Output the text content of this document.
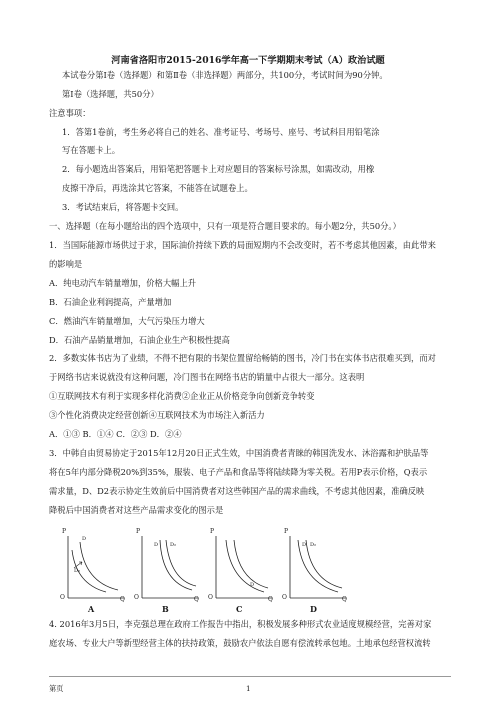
河南省洛阳市2015-2016学年高一下学期期末考试（A）政治试题
本试卷分第Ⅰ卷（选择题）和第Ⅱ卷（非选择题）两部分，共100分，考试时间为90分钟。
第Ⅰ卷（选择题，共50分）
注意事项：
1．答第1卷前，考生务必将自己的姓名、准考证号、考场号、座号、考试科目用铅笔涂
写在答题卡上。
2．每小题选出答案后，用铅笔把答题卡上对应题目的答案标号涂黑，如需改动，用橡
皮擦干净后，再选涂其它答案，不能答在试题卷上。
3．考试结束后，将答题卡交回。
一、选择题（在每小题给出的四个选项中，只有一项是符合题目要求的。每小题2分，共50分。）
1．当国际能源市场供过于求，国际油价持续下跌的局面短期内不会改变时，若不考虑其他因素，由此带来
的影响是
A．纯电动汽车销量增加，价格大幅上升
B．石油企业利润提高，产量增加
C．燃油汽车销量增加，大气污染压力增大
D．石油产品销量增加，石油企业生产积极性提高
2．多数实体书店为了业绩，不得不把有限的书架位置留给畅销的图书，冷门书在实体书店很难买到，而对
于网络书店来说就没有这种问题，冷门图书在网络书店的销量中占很大一部分。这表明
①互联网技术有利于实现多样化消费②企业正从价格竞争向创新竞争转变
③个性化消费决定经营创新④互联网技术为市场注入新活力
A．①③ B．①④ C．②③ D．②④
3．中韩自由贸易协定于2015年12月20日正式生效，中国消费者青睐的韩国洗发水、沐浴露和护肤品等
将在5年内部分降税20%到35%，服装、电子产品和食品等将陆续降为零关税。若用P表示价格，Q表示
需求量，D、D2表示协定生效前后中国消费者对这些韩国产品的需求曲线，不考虑其他因素，准确反映
降税后中国消费者对这些产品需求变化的图示是
P
O	Q
D
D₂
A
P
O	Q
D D₂
B
P
O	Q
D
C
P
O	Q
D D₂
D
4. 2016年3月5日，李克强总理在政府工作报告中指出，积极发展多种形式农业适度规模经营，完善对家
庭农场、专业大户等新型经营主体的扶持政策，鼓励农户依法自愿有偿流转承包地。土地承包经营权流转
第页	1
